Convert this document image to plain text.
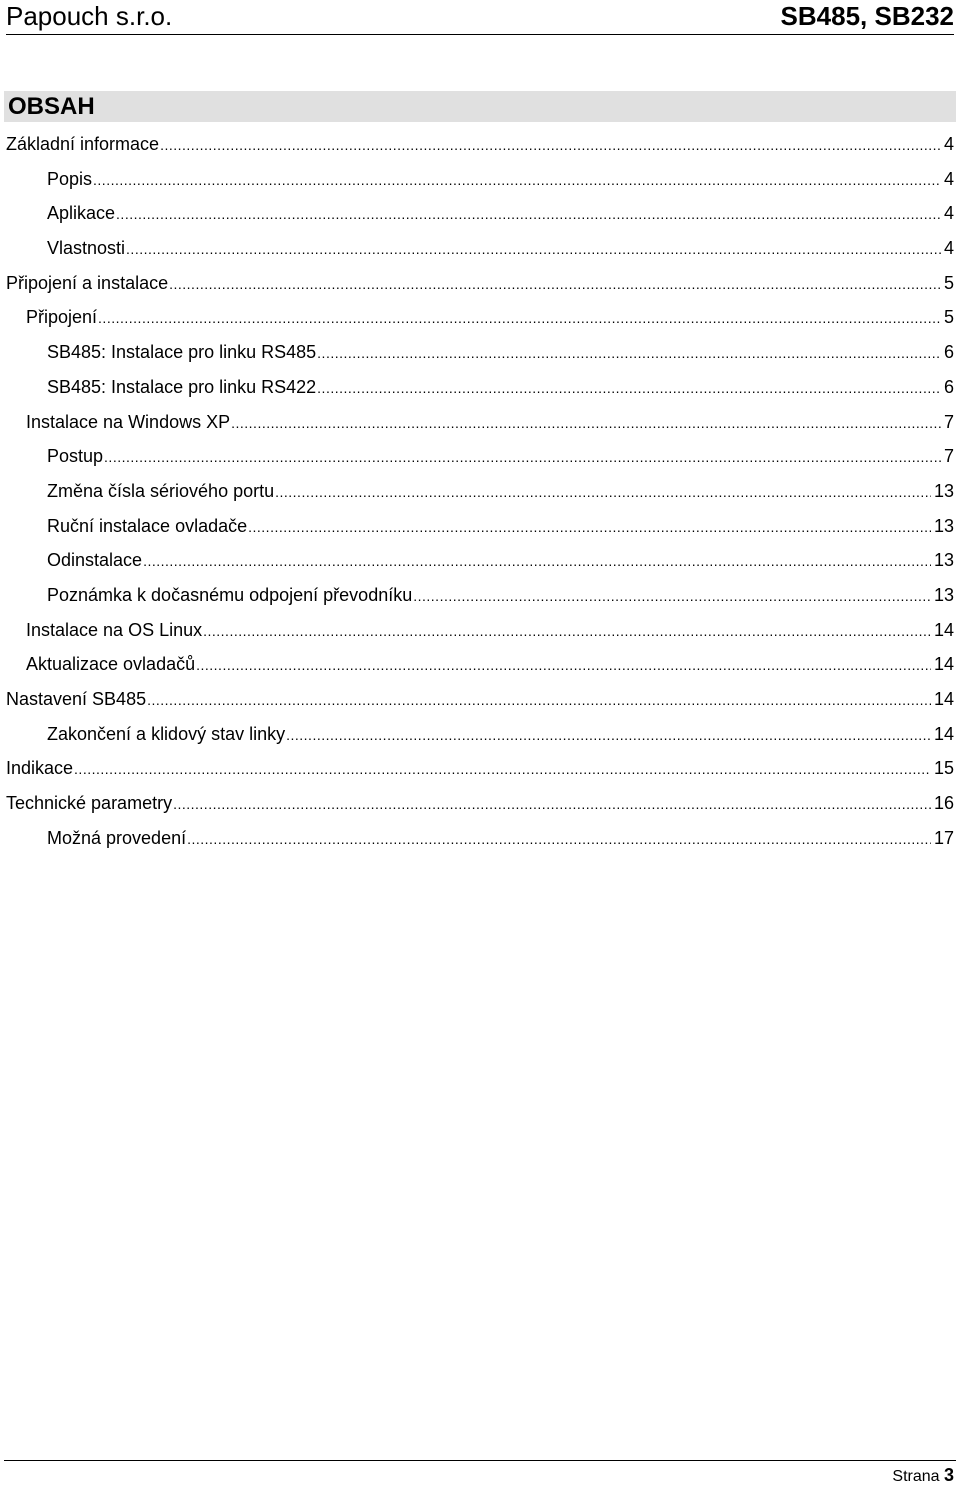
Papouch s.r.o.	SB485, SB232
OBSAH
Základní informace .....	4
Popis .....	4
Aplikace .....	4
Vlastnosti .....	4
Připojení a instalace .....	5
Připojení .....	5
SB485: Instalace pro linku RS485 .....	6
SB485: Instalace pro linku RS422 .....	6
Instalace na Windows XP .....	7
Postup .....	7
Změna čísla sériového portu .....	13
Ruční instalace ovladače .....	13
Odinstalace .....	13
Poznámka k dočasnému odpojení převodníku .....	13
Instalace na OS Linux .....	14
Aktualizace ovladačů .....	14
Nastavení SB485 .....	14
Zakončení a klidový stav linky .....	14
Indikace .....	15
Technické parametry .....	16
Možná provedení .....	17
Strana 3
